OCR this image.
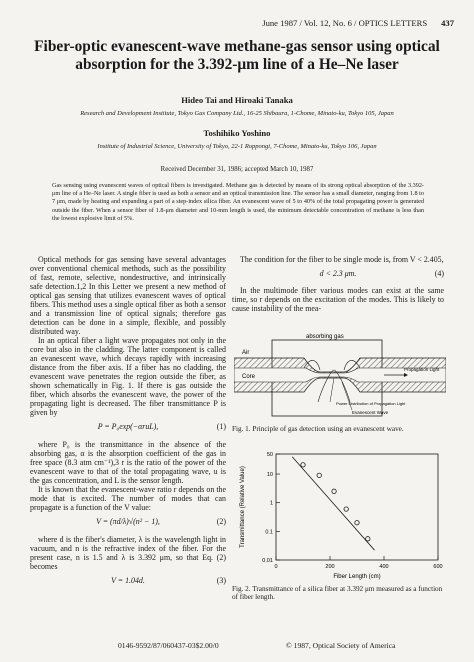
June 1987 / Vol. 12, No. 6 / OPTICS LETTERS 437
Fiber-optic evanescent-wave methane-gas sensor using optical absorption for the 3.392-μm line of a He–Ne laser
Hideo Tai and Hiroaki Tanaka
Research and Development Institute, Tokyo Gas Company Ltd., 16-25 Shibaura, 1-Chome, Minato-ku, Tokyo 105, Japan
Toshihiko Yoshino
Institute of Industrial Science, University of Tokyo, 22-1 Roppongi, 7-Chome, Minato-ku, Tokyo 106, Japan
Received December 31, 1986; accepted March 10, 1987
Gas sensing using evanescent waves of optical fibers is investigated. Methane gas is detected by means of its strong optical absorption of the 3.392-μm line of a He–Ne laser. A single fiber is used as both a sensor and an optical transmission line. The sensor has a small diameter, ranging from 1.8 to 7 μm, made by heating and expanding a part of a step-index silica fiber. An evanescent wave of 5 to 40% of the total propagating power is generated outside the fiber. When a sensor fiber of 1.8-μm diameter and 10-mm length is used, the minimum detectable concentration of methane is less than the lowest explosive limit of 5%.

Optical methods for gas sensing have several advantages over conventional chemical methods, such as the possibility of fast, remote, selective, nondestructive, and intrinsically safe detection.1,2 In this Letter we present a new method of optical gas sensing that utilizes evanescent waves of optical fibers. This method uses a single optical fiber as both a sensor and a transmission line of optical signals; therefore gas detection can be done in a simple, flexible, and possibly distributed way.

In an optical fiber a light wave propagates not only in the core but also in the cladding. The latter component is called an evanescent wave, which decays rapidly with increasing distance from the fiber axis. If a fiber has no cladding, the evanescent wave penetrates the region outside the fiber, as shown schematically in Fig. 1. If there is gas outside the fiber, which absorbs the evanescent wave, the power of the propagating light is decreased. The fiber transmittance P is given by

P = P₀exp(−αruL),	(1)

where P₀ is the transmittance in the absence of the absorbing gas, α is the absorption coefficient of the gas in free space (8.3 atm cm⁻¹),3 r is the ratio of the power of the evanescent wave to that of the total propagating wave, u is the gas concentration, and L is the sensor length.

It is known that the evanescent-wave ratio r depends on the mode that is excited. The number of modes that can propagate is a function of the V value:

V = (πd/λ)√(n² − 1),	(2)

where d is the fiber's diameter, λ is the wavelength light in vacuum, and n is the refractive index of the fiber. For the present case, n is 1.5 and λ is 3.392 μm, so that Eq. (2) becomes

V = 1.04d.	(3)

The condition for the fiber to be single mode is, from V < 2.405,

d < 2.3 μm.	(4)

In the multimode fiber various modes can exist at the same time, so r depends on the excitation of the modes. This is likely to cause instability of the mea-

absorbing gas
Air
Core
Propagation Light
Power Distribution of Propagation Light
Evanescent Wave
Fig. 1. Principle of gas detection using an evanescent wave.
Transmittance (Relative Value)
Fiber Length (cm)
50
10
1
0.1
0.01
0	200	400	600
Fig. 2. Transmittance of a silica fiber at 3.392 μm measured as a function of fiber length.
0146-9592/87/060437-03$2.00/0	© 1987, Optical Society of America
